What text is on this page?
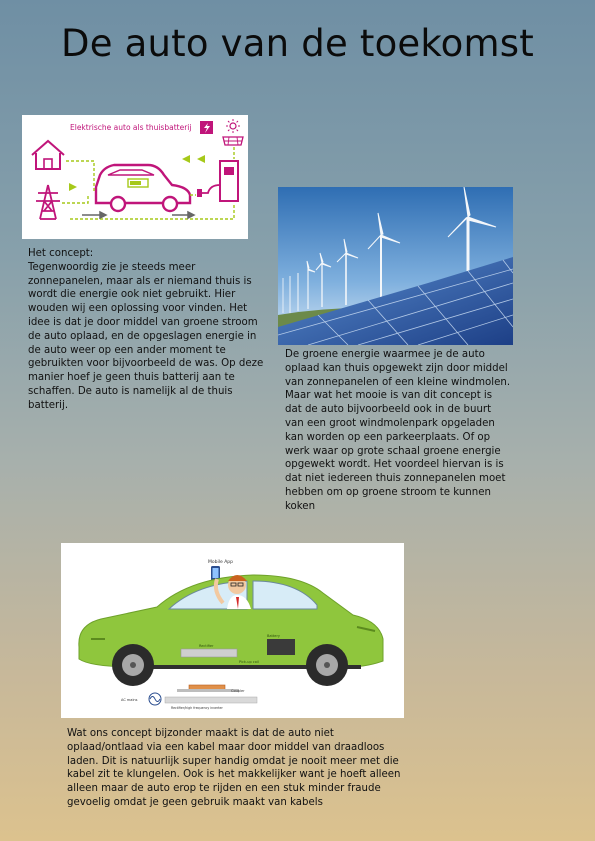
De auto van de toekomst
Elektrische auto als thuisbatterij
Mobile App
Rectifier
Battery
Pick-up coil
Coupler
Rectifier/high frequency inverter
AC mains

Het concept:

Tegenwoordig zie je steeds meer zonnepanelen, maar als er niemand thuis is wordt die energie ook niet gebruikt. Hier wouden wij een oplossing voor vinden. Het idee is dat je door middel van groene stroom de auto oplaad, en de opgeslagen energie in de auto weer op een ander moment te gebruikten voor bijvoorbeeld de was. Op deze manier hoef je geen thuis batterij aan te schaffen. De auto is namelijk al de thuis batterij.

De groene energie waarmee je de auto oplaad kan thuis opgewekt zijn door middel van zonnepanelen of een kleine windmolen. Maar wat het mooie is van dit concept is dat de auto bijvoorbeeld ook in de buurt van een groot windmolenpark opgeladen kan worden op een parkeerplaats. Of op werk waar op grote schaal groene energie opgewekt wordt. Het voordeel hiervan is is dat niet iedereen thuis zonnepanelen moet hebben om op groene stroom te kunnen koken

Wat ons concept bijzonder maakt is dat de auto niet oplaad/ontlaad via een kabel maar door middel van draadloos laden. Dit is natuurlijk super handig omdat je nooit meer met die kabel zit te klungelen. Ook is het makkelijker want je hoeft alleen alleen maar de auto erop te rijden en een stuk minder fraude gevoelig omdat je geen gebruik maakt van kabels
